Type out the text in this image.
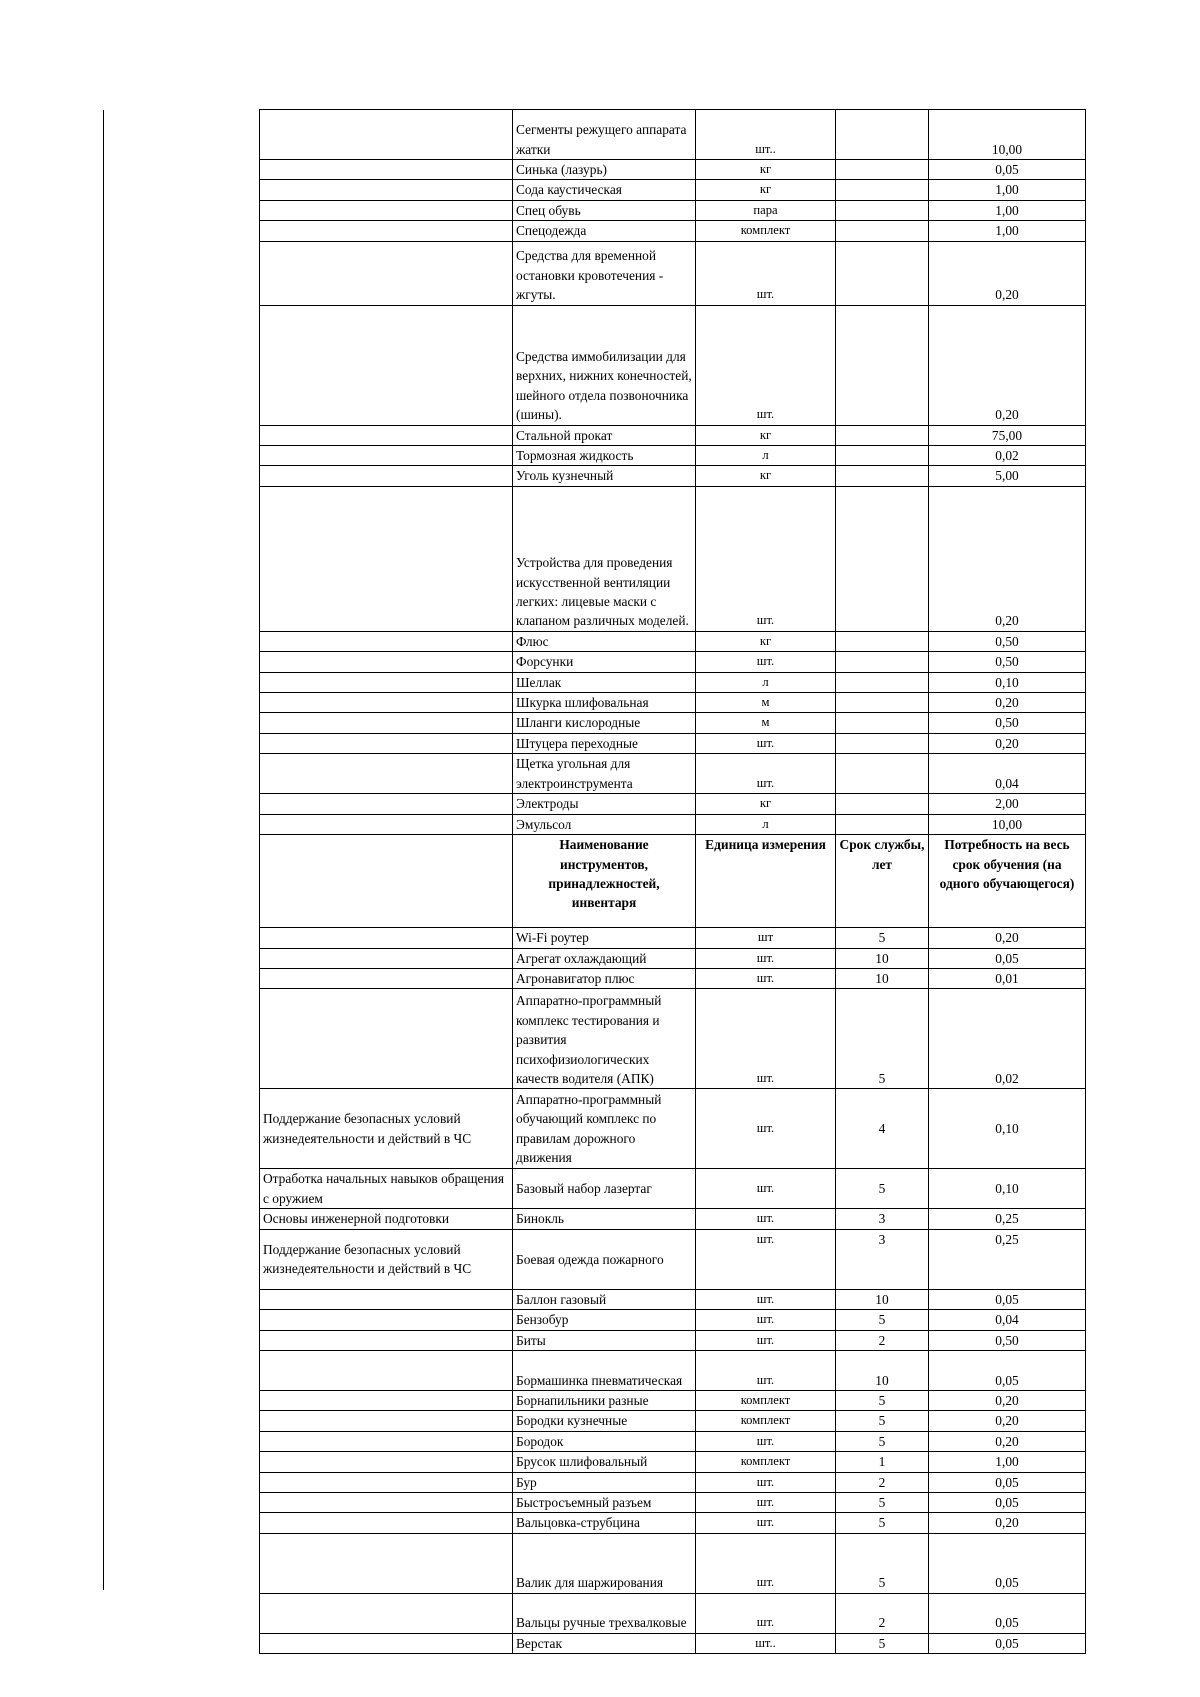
	Сегменты режущего аппарата жатки	шт..		10,00
	Синька (лазурь)	кг		0,05
	Сода каустическая	кг		1,00
	Спец обувь	пара		1,00
	Спецодежда	комплект		1,00
	Средства для временной остановки кровотечения - жгуты.	шт.		0,20
	Средства иммобилизации для верхних, нижних конечностей, шейного отдела позвоночника (шины).	шт.		0,20
	Стальной прокат	кг		75,00
	Тормозная жидкость	л		0,02
	Уголь кузнечный	кг		5,00
	Устройства для проведения искусственной вентиляции легких: лицевые маски с клапаном различных моделей.	шт.		0,20
	Флюс	кг		0,50
	Форсунки	шт.		0,50
	Шеллак	л		0,10
	Шкурка шлифовальная	м		0,20
	Шланги кислородные	м		0,50
	Штуцера переходные	шт.		0,20
	Щетка угольная для электроинструмента	шт.		0,04
	Электроды	кг		2,00
	Эмульсол	л		10,00
	Наименование инструментов, принадлежностей, инвентаря	Единица измерения	Срок службы, лет	Потребность на весь срок обучения (на одного обучающегося)
	Wi-Fi роутер	шт	5	0,20
	Агрегат охлаждающий	шт.	10	0,05
	Агронавигатор плюс	шт.	10	0,01
	Аппаратно-программный комплекс тестирования и развития психофизиологических качеств водителя (АПК)	шт.	5	0,02
Поддержание безопасных условий жизнедеятельности и действий в ЧС	Аппаратно-программный обучающий комплекс по правилам дорожного движения	шт.	4	0,10
Отработка начальных навыков обращения с оружием	Базовый набор лазертаг	шт.	5	0,10
Основы инженерной подготовки	Бинокль	шт.	3	0,25
Поддержание безопасных условий жизнедеятельности и действий в ЧС	Боевая одежда пожарного	шт.	3	0,25
	Баллон газовый	шт.	10	0,05
	Бензобур	шт.	5	0,04
	Биты	шт.	2	0,50
	Бормашинка пневматическая	шт.	10	0,05
	Борнапильники разные	комплект	5	0,20
	Бородки кузнечные	комплект	5	0,20
	Бородок	шт.	5	0,20
	Брусок шлифовальный	комплект	1	1,00
	Бур	шт.	2	0,05
	Быстросъемный разъем	шт.	5	0,05
	Вальцовка-струбцина	шт.	5	0,20
	Валик для шаржирования	шт.	5	0,05
	Вальцы ручные трехвалковые	шт.	2	0,05
	Верстак	шт..	5	0,05
